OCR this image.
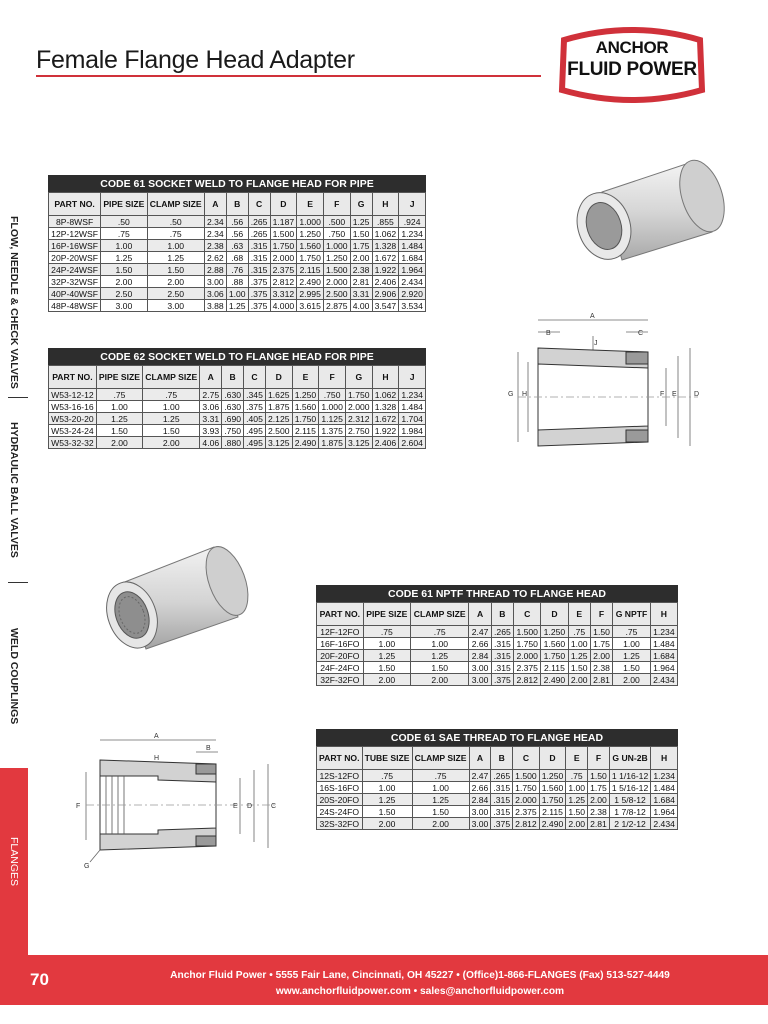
Female Flange Head Adapter	ANCHOR
FLUID POWER
FLOW, NEEDLE & CHECK VALVES
HYDRAULIC BALL VALVES
WELD COUPLINGS
FLANGES
CODE 61 SOCKET WELD TO FLANGE HEAD FOR PIPE
PART NO.	PIPE SIZE	CLAMP SIZE	A	B	C	D	E	F	G	H	J
8P-8WSF	.50	.50	2.34	.56	.265	1.187	1.000	.500	1.25	.855	.924
12P-12WSF	.75	.75	2.34	.56	.265	1.500	1.250	.750	1.50	1.062	1.234
16P-16WSF	1.00	1.00	2.38	.63	.315	1.750	1.560	1.000	1.75	1.328	1.484
20P-20WSF	1.25	1.25	2.62	.68	.315	2.000	1.750	1.250	2.00	1.672	1.684
24P-24WSF	1.50	1.50	2.88	.76	.315	2.375	2.115	1.500	2.38	1.922	1.964
32P-32WSF	2.00	2.00	3.00	.88	.375	2.812	2.490	2.000	2.81	2.406	2.434
40P-40WSF	2.50	2.50	3.06	1.00	.375	3.312	2.995	2.500	3.31	2.906	2.920
48P-48WSF	3.00	3.00	3.88	1.25	.375	4.000	3.615	2.875	4.00	3.547	3.534
CODE 62 SOCKET WELD TO FLANGE HEAD FOR PIPE
PART NO.	PIPE SIZE	CLAMP SIZE	A	B	C	D	E	F	G	H	J
W53-12-12	.75	.75	2.75	.630	.345	1.625	1.250	.750	1.750	1.062	1.234
W53-16-16	1.00	1.00	3.06	.630	.375	1.875	1.560	1.000	2.000	1.328	1.484
W53-20-20	1.25	1.25	3.31	.690	.405	2.125	1.750	1.125	2.312	1.672	1.704
W53-24-24	1.50	1.50	3.93	.750	.495	2.500	2.115	1.375	2.750	1.922	1.984
W53-32-32	2.00	2.00	4.06	.880	.495	3.125	2.490	1.875	3.125	2.406	2.604
CODE 61 NPTF THREAD TO FLANGE HEAD
PART NO.	PIPE SIZE	CLAMP SIZE	A	B	C	D	E	F	G NPTF	H
12F-12FO	.75	.75	2.47	.265	1.500	1.250	.75	1.50	.75	1.234
16F-16FO	1.00	1.00	2.66	.315	1.750	1.560	1.00	1.75	1.00	1.484
20F-20FO	1.25	1.25	2.84	.315	2.000	1.750	1.25	2.00	1.25	1.684
24F-24FO	1.50	1.50	3.00	.315	2.375	2.115	1.50	2.38	1.50	1.964
32F-32FO	2.00	2.00	3.00	.375	2.812	2.490	2.00	2.81	2.00	2.434
CODE 61 SAE THREAD TO FLANGE HEAD
PART NO.	TUBE SIZE	CLAMP SIZE	A	B	C	D	E	F	G UN-2B	H
12S-12FO	.75	.75	2.47	.265	1.500	1.250	.75	1.50	1 1/16-12	1.234
16S-16FO	1.00	1.00	2.66	.315	1.750	1.560	1.00	1.75	1 5/16-12	1.484
20S-20FO	1.25	1.25	2.84	.315	2.000	1.750	1.25	2.00	1 5/8-12	1.684
24S-24FO	1.50	1.50	3.00	.315	2.375	2.115	1.50	2.38	1 7/8-12	1.964
32S-32FO	2.00	2.00	3.00	.375	2.812	2.490	2.00	2.81	2 1/2-12	2.434
A
B
J
C
G H	F E D
A
B
H
F	E D	C
G
70	Anchor Fluid Power • 5555 Fair Lane, Cincinnati, OH 45227 • (Office)1-866-FLANGES (Fax) 513-527-4449
www.anchorfluidpower.com • sales@anchorfluidpower.com
